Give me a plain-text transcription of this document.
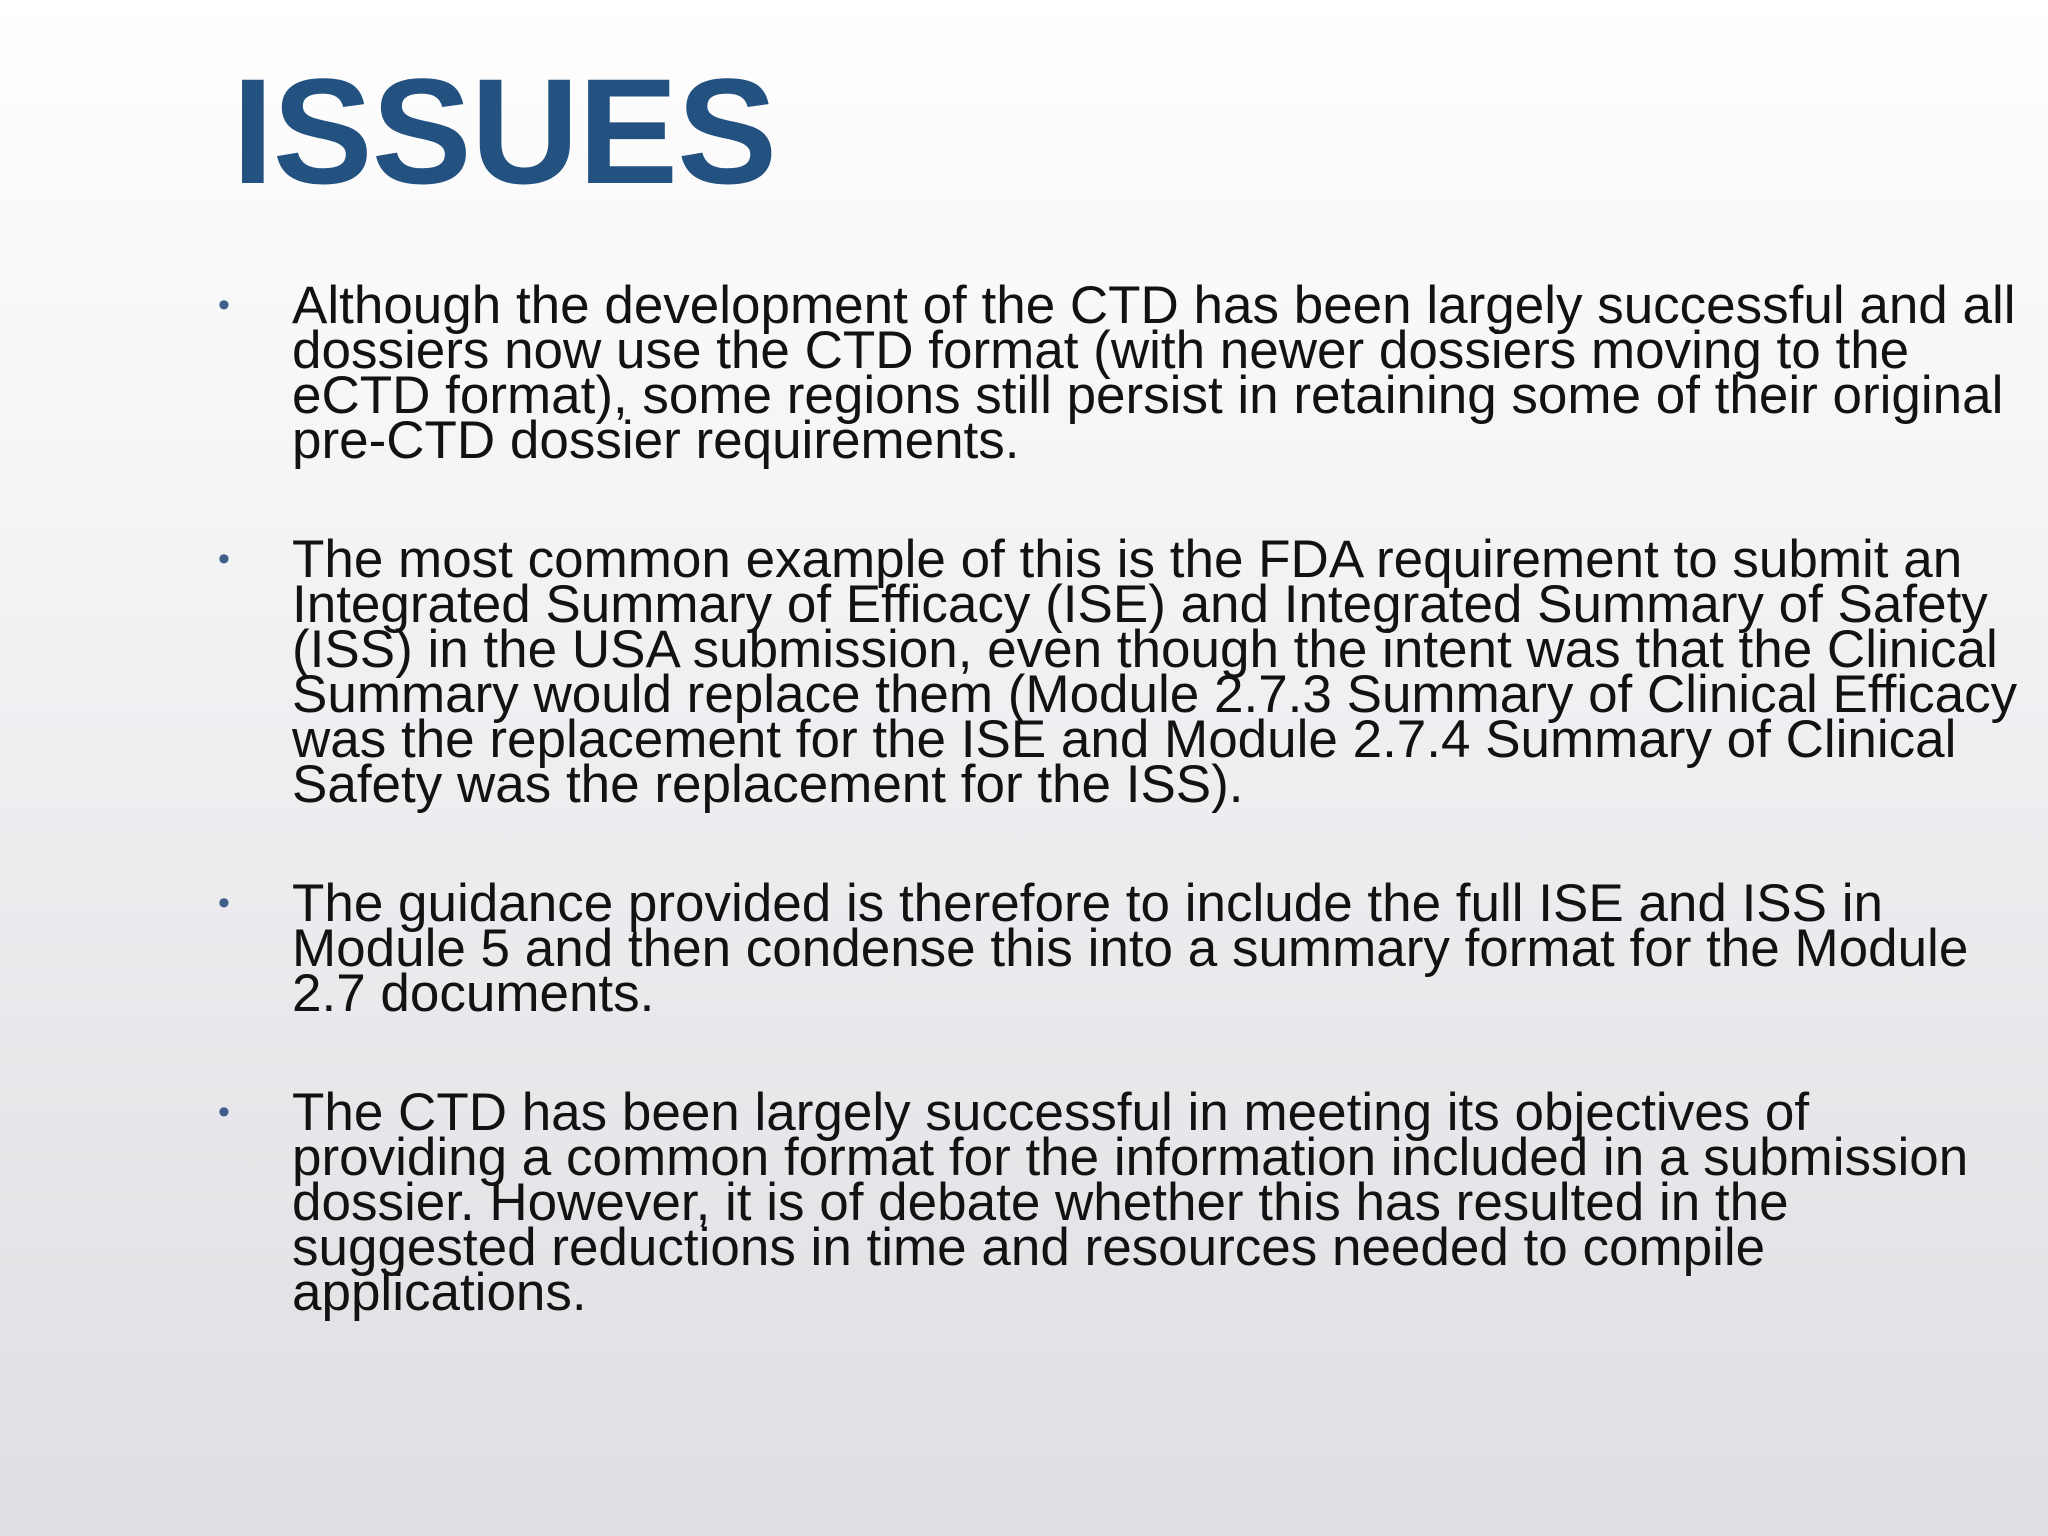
ISSUES
• Although the development of the CTD has been largely successful and all dossiers now use the CTD format (with newer dossiers moving to the eCTD format), some regions still persist in retaining some of their original pre-CTD dossier requirements.
• The most common example of this is the FDA requirement to submit an Integrated Summary of Efficacy (ISE) and Integrated Summary of Safety (ISS) in the USA submission, even though the intent was that the Clinical Summary would replace them (Module 2.7.3 Summary of Clinical Efficacy was the replacement for the ISE and Module 2.7.4 Summary of Clinical Safety was the replacement for the ISS).
• The guidance provided is therefore to include the full ISE and ISS in Module 5 and then condense this into a summary format for the Module 2.7 documents.
• The CTD has been largely successful in meeting its objectives of providing a common format for the information included in a submission dossier. However, it is of debate whether this has resulted in the suggested reductions in time and resources needed to compile applications.
